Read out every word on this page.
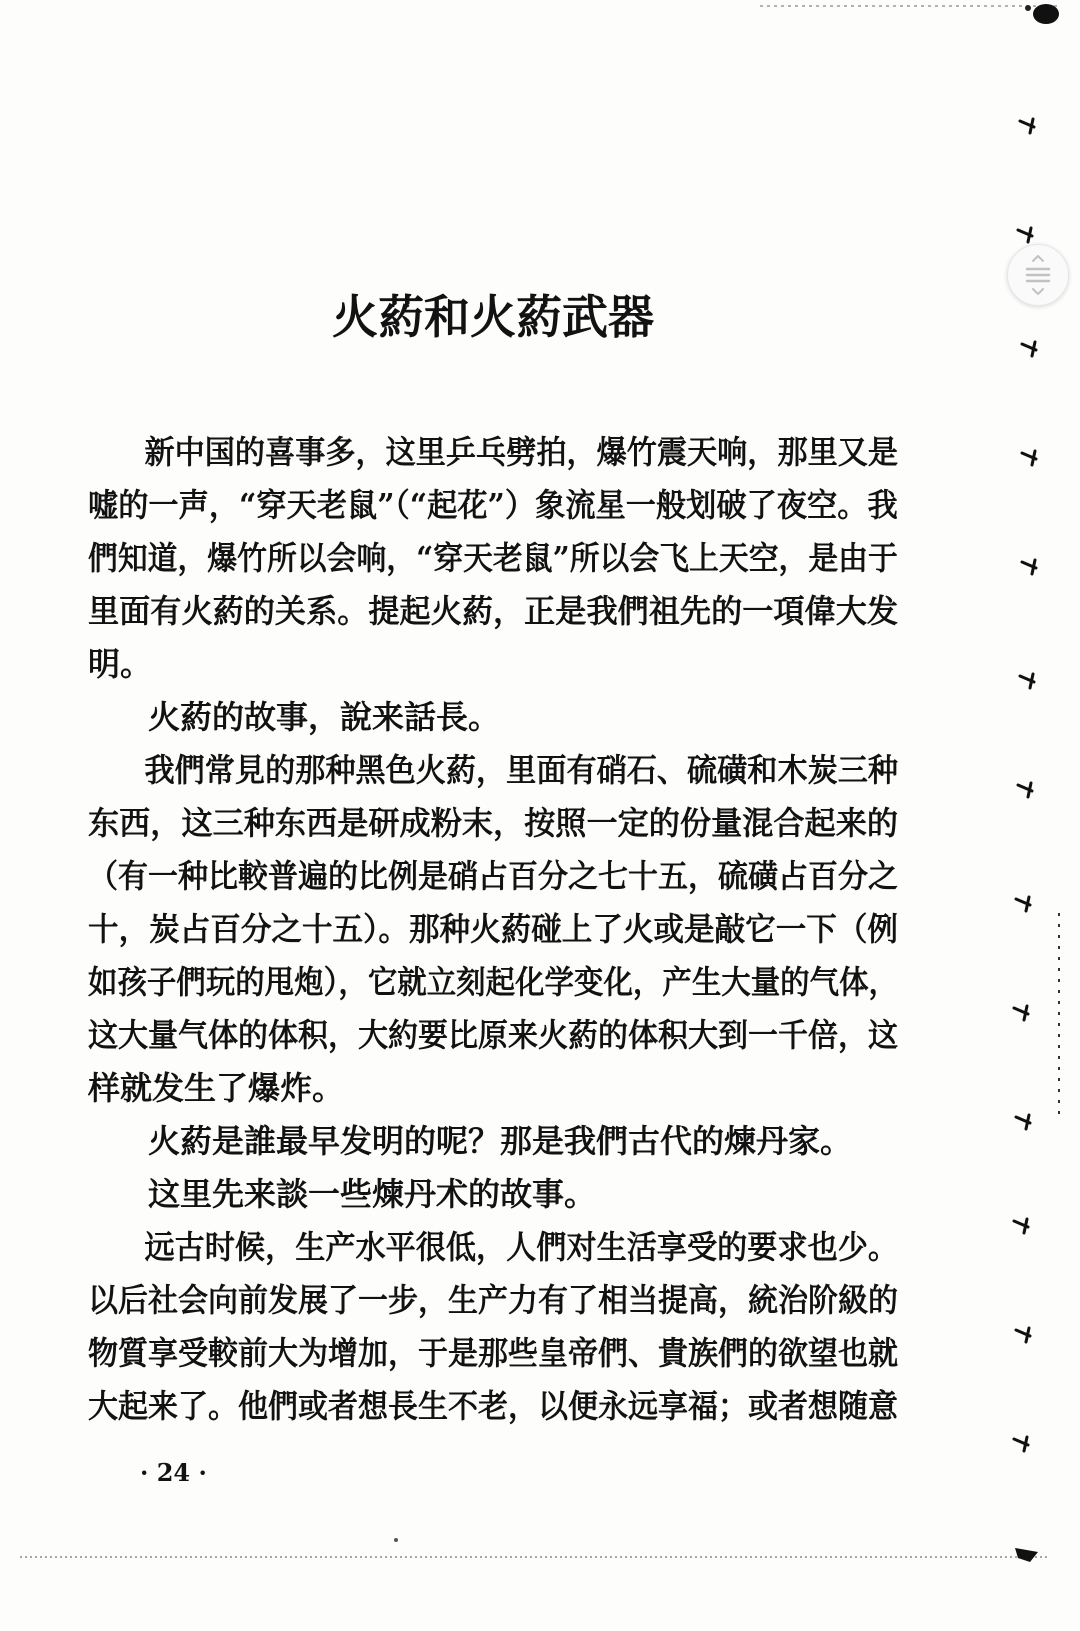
火葯和火葯武器
新中国的喜事多，这里乒乓劈拍，爆竹震天响，那里又是
嘘的一声，“穿天老鼠”（“起花”）象流星一般划破了夜空。我
們知道，爆竹所以会响，“穿天老鼠”所以会飞上天空，是由于
里面有火葯的关系。提起火葯，正是我們祖先的一項偉大发
明。
火葯的故事，說来話長。
我們常見的那种黑色火葯，里面有硝石、硫磺和木炭三种
东西，这三种东西是研成粉末，按照一定的份量混合起来的
（有一种比較普遍的比例是硝占百分之七十五，硫磺占百分之
十，炭占百分之十五）。那种火葯碰上了火或是敲它一下（例
如孩子們玩的甩炮），它就立刻起化学变化，产生大量的气体，
这大量气体的体积，大約要比原来火葯的体积大到一千倍，这
样就发生了爆炸。
火葯是誰最早发明的呢？那是我們古代的煉丹家。
这里先来談一些煉丹术的故事。
远古时候，生产水平很低，人們对生活享受的要求也少。
以后社会向前发展了一步，生产力有了相当提高，統治阶級的
物質享受較前大为增加，于是那些皇帝們、貴族們的欲望也就
大起来了。他們或者想長生不老，以便永远享福；或者想随意
· 24 ·
